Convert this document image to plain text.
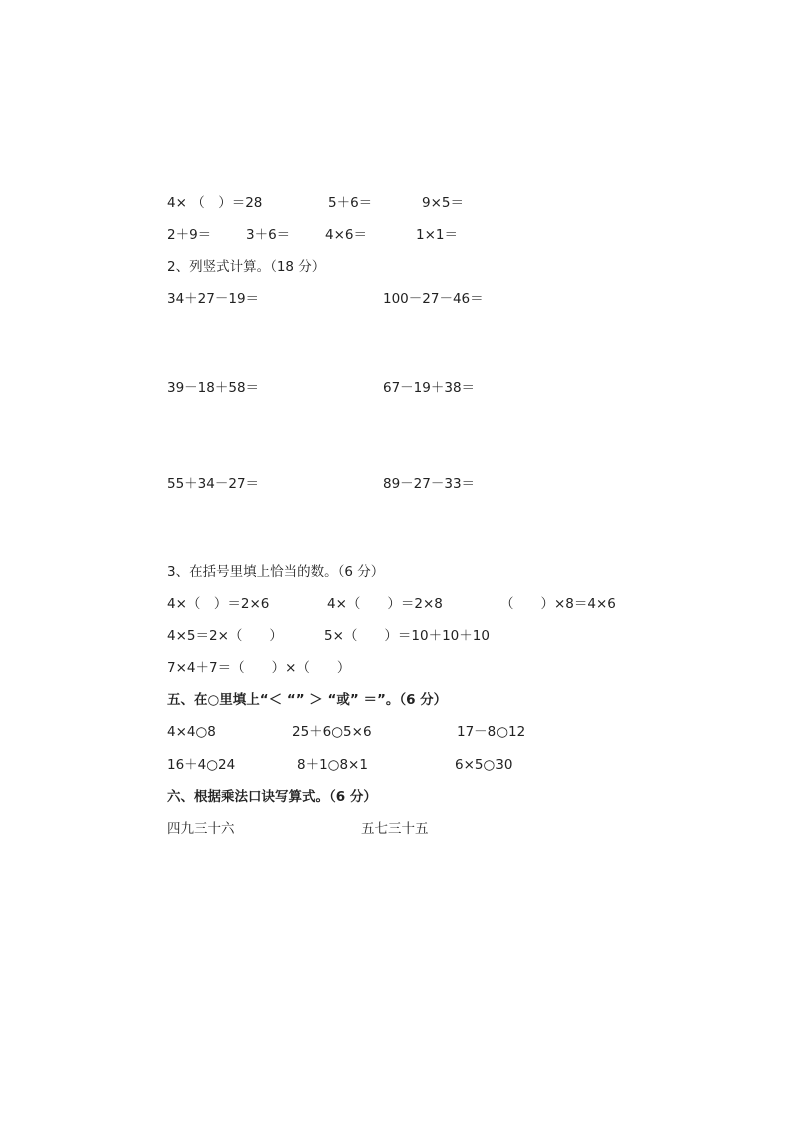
4× （　）＝28	5＋6＝	9×5＝
2＋9＝	3＋6＝	4×6＝	1×1＝
2、列竖式计算。（18 分）
34＋27－19＝	100－27－46＝
39－18＋58＝	67－19＋38＝
55＋34－27＝	89－27－33＝
3、在括号里填上恰当的数。（6 分）
4×（　）＝2×6	4×（　　）＝2×8	（　　）×8＝4×6
4×5＝2×（　　）	5×（　　）＝10＋10＋10
7×4＋7＝（　　）×（　　）
五、在○里填上“＜ “” ＞ “或” ＝”。（6 分）
4×4○8	25＋6○5×6	17－8○12
16＋4○24	8＋1○8×1	6×5○30
六、根据乘法口诀写算式。（6 分）
四九三十六	五七三十五
